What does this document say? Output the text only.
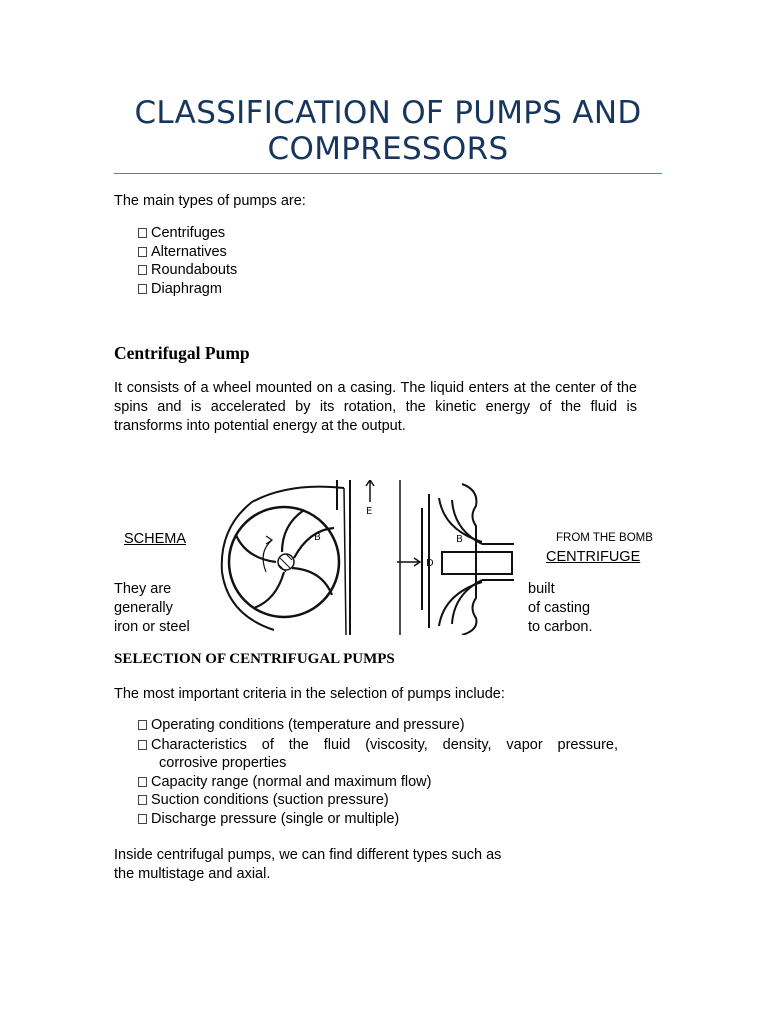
CLASSIFICATION OF PUMPS AND COMPRESSORS

The main types of pumps are:

Centrifuges
Alternatives
Roundabouts
Diaphragm
Centrifugal Pump

It consists of a wheel mounted on a casing. The liquid enters at the center of the spins and is accelerated by its rotation, the kinetic energy of the fluid is transforms into potential energy at the output.

SCHEMA	FROM THE BOMB
CENTRIFUGE
B	B
E
D
They are
generally
iron or steel
built
of casting
to carbon.
SELECTION OF CENTRIFUGAL PUMPS

The most important criteria in the selection of pumps include:

Operating conditions (temperature and pressure)
Characteristics of the fluid (viscosity, density, vapor pressure,
corrosive properties
Capacity range (normal and maximum flow)
Suction conditions (suction pressure)
Discharge pressure (single or multiple)

Inside centrifugal pumps, we can find different types such as

the multistage and axial.
